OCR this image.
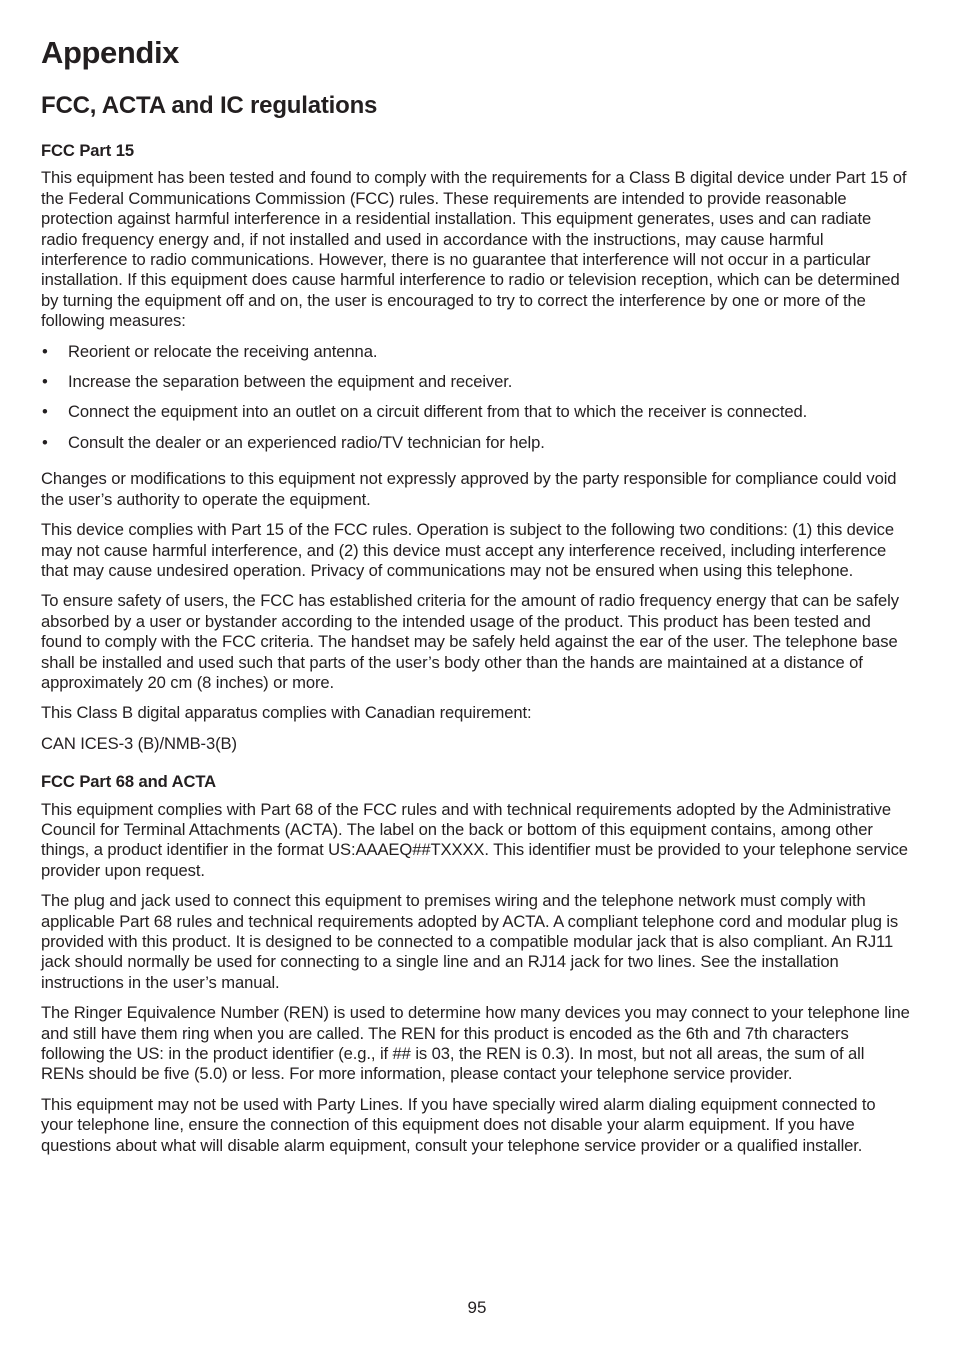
Appendix
FCC, ACTA and IC regulations
FCC Part 15

This equipment has been tested and found to comply with the requirements for a Class B digital device under Part 15 of the Federal Communications Commission (FCC) rules. These requirements are intended to provide reasonable protection against harmful interference in a residential installation. This equipment generates, uses and can radiate radio frequency energy and, if not installed and used in accordance with the instructions, may cause harmful interference to radio communications. However, there is no guarantee that interference will not occur in a particular installation. If this equipment does cause harmful interference to radio or television reception, which can be determined by turning the equipment off and on, the user is encouraged to try to correct the interference by one or more of the following measures:

• Reorient or relocate the receiving antenna.
• Increase the separation between the equipment and receiver.
• Connect the equipment into an outlet on a circuit different from that to which the receiver is connected.
• Consult the dealer or an experienced radio/TV technician for help.

Changes or modifications to this equipment not expressly approved by the party responsible for compliance could void the user’s authority to operate the equipment.

This device complies with Part 15 of the FCC rules. Operation is subject to the following two conditions: (1) this device may not cause harmful interference, and (2) this device must accept any interference received, including interference that may cause undesired operation. Privacy of communications may not be ensured when using this telephone.

To ensure safety of users, the FCC has established criteria for the amount of radio frequency energy that can be safely absorbed by a user or bystander according to the intended usage of the product. This product has been tested and found to comply with the FCC criteria. The handset may be safely held against the ear of the user. The telephone base shall be installed and used such that parts of the user’s body other than the hands are maintained at a distance of approximately 20 cm (8 inches) or more.

This Class B digital apparatus complies with Canadian requirement:

CAN ICES-3 (B)/NMB-3(B)

FCC Part 68 and ACTA

This equipment complies with Part 68 of the FCC rules and with technical requirements adopted by the Administrative Council for Terminal Attachments (ACTA). The label on the back or bottom of this equipment contains, among other things, a product identifier in the format US:AAAEQ##TXXXX. This identifier must be provided to your telephone service provider upon request.

The plug and jack used to connect this equipment to premises wiring and the telephone network must comply with applicable Part 68 rules and technical requirements adopted by ACTA. A compliant telephone cord and modular plug is provided with this product. It is designed to be connected to a compatible modular jack that is also compliant. An RJ11 jack should normally be used for connecting to a single line and an RJ14 jack for two lines. See the installation instructions in the user’s manual.

The Ringer Equivalence Number (REN) is used to determine how many devices you may connect to your telephone line and still have them ring when you are called. The REN for this product is encoded as the 6th and 7th characters following the US: in the product identifier (e.g., if ## is 03, the REN is 0.3). In most, but not all areas, the sum of all RENs should be five (5.0) or less. For more information, please contact your telephone service provider.

This equipment may not be used with Party Lines. If you have specially wired alarm dialing equipment connected to your telephone line, ensure the connection of this equipment does not disable your alarm equipment. If you have questions about what will disable alarm equipment, consult your telephone service provider or a qualified installer.

95
